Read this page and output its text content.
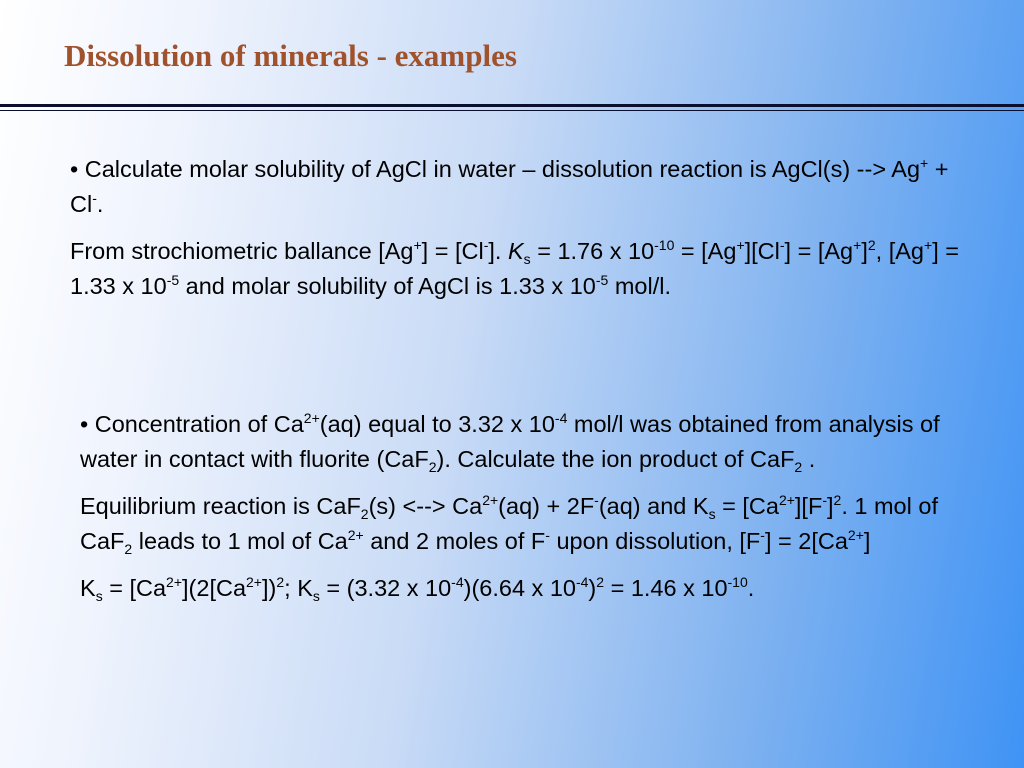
Dissolution of minerals - examples

• Calculate molar solubility of AgCl in water – dissolution reaction is AgCl(s) --> Ag+ + Cl-.

From strochiometric ballance [Ag+] = [Cl-]. $K_s = 1.76$ x $10^{-10} = [Ag^+][Cl^-] = [Ag^+]^2$, [Ag+] = 1.33 x $10^{-5}$ and molar solubility of AgCl is 1.33 x $10^{-5}$ mol/l.

• Concentration of $Ca^{2+}(aq)$ equal to 3.32 x $10^{-4}$ mol/l was obtained from analysis of water in contact with fluorite (CaF$_2$). Calculate the ion product of CaF$_2$ .

Equilibrium reaction is CaF$_2$(s) <--> $Ca^{2+}(aq) + 2F^-(aq)$ and $K_s = [Ca^{2+}][F^-]^2$. 1 mol of CaF$_2$ leads to 1 mol of $Ca^{2+}$ and 2 moles of F- upon dissolution, $[F^-] = 2[Ca^{2+}]$

$K_s = [Ca^{2+}](2[Ca^{2+}])^2$; $K_s = (3.32$ x $10^{-4})(6.64$ x $10^{-4})^2 = 1.46$ x $10^{-10}$.
